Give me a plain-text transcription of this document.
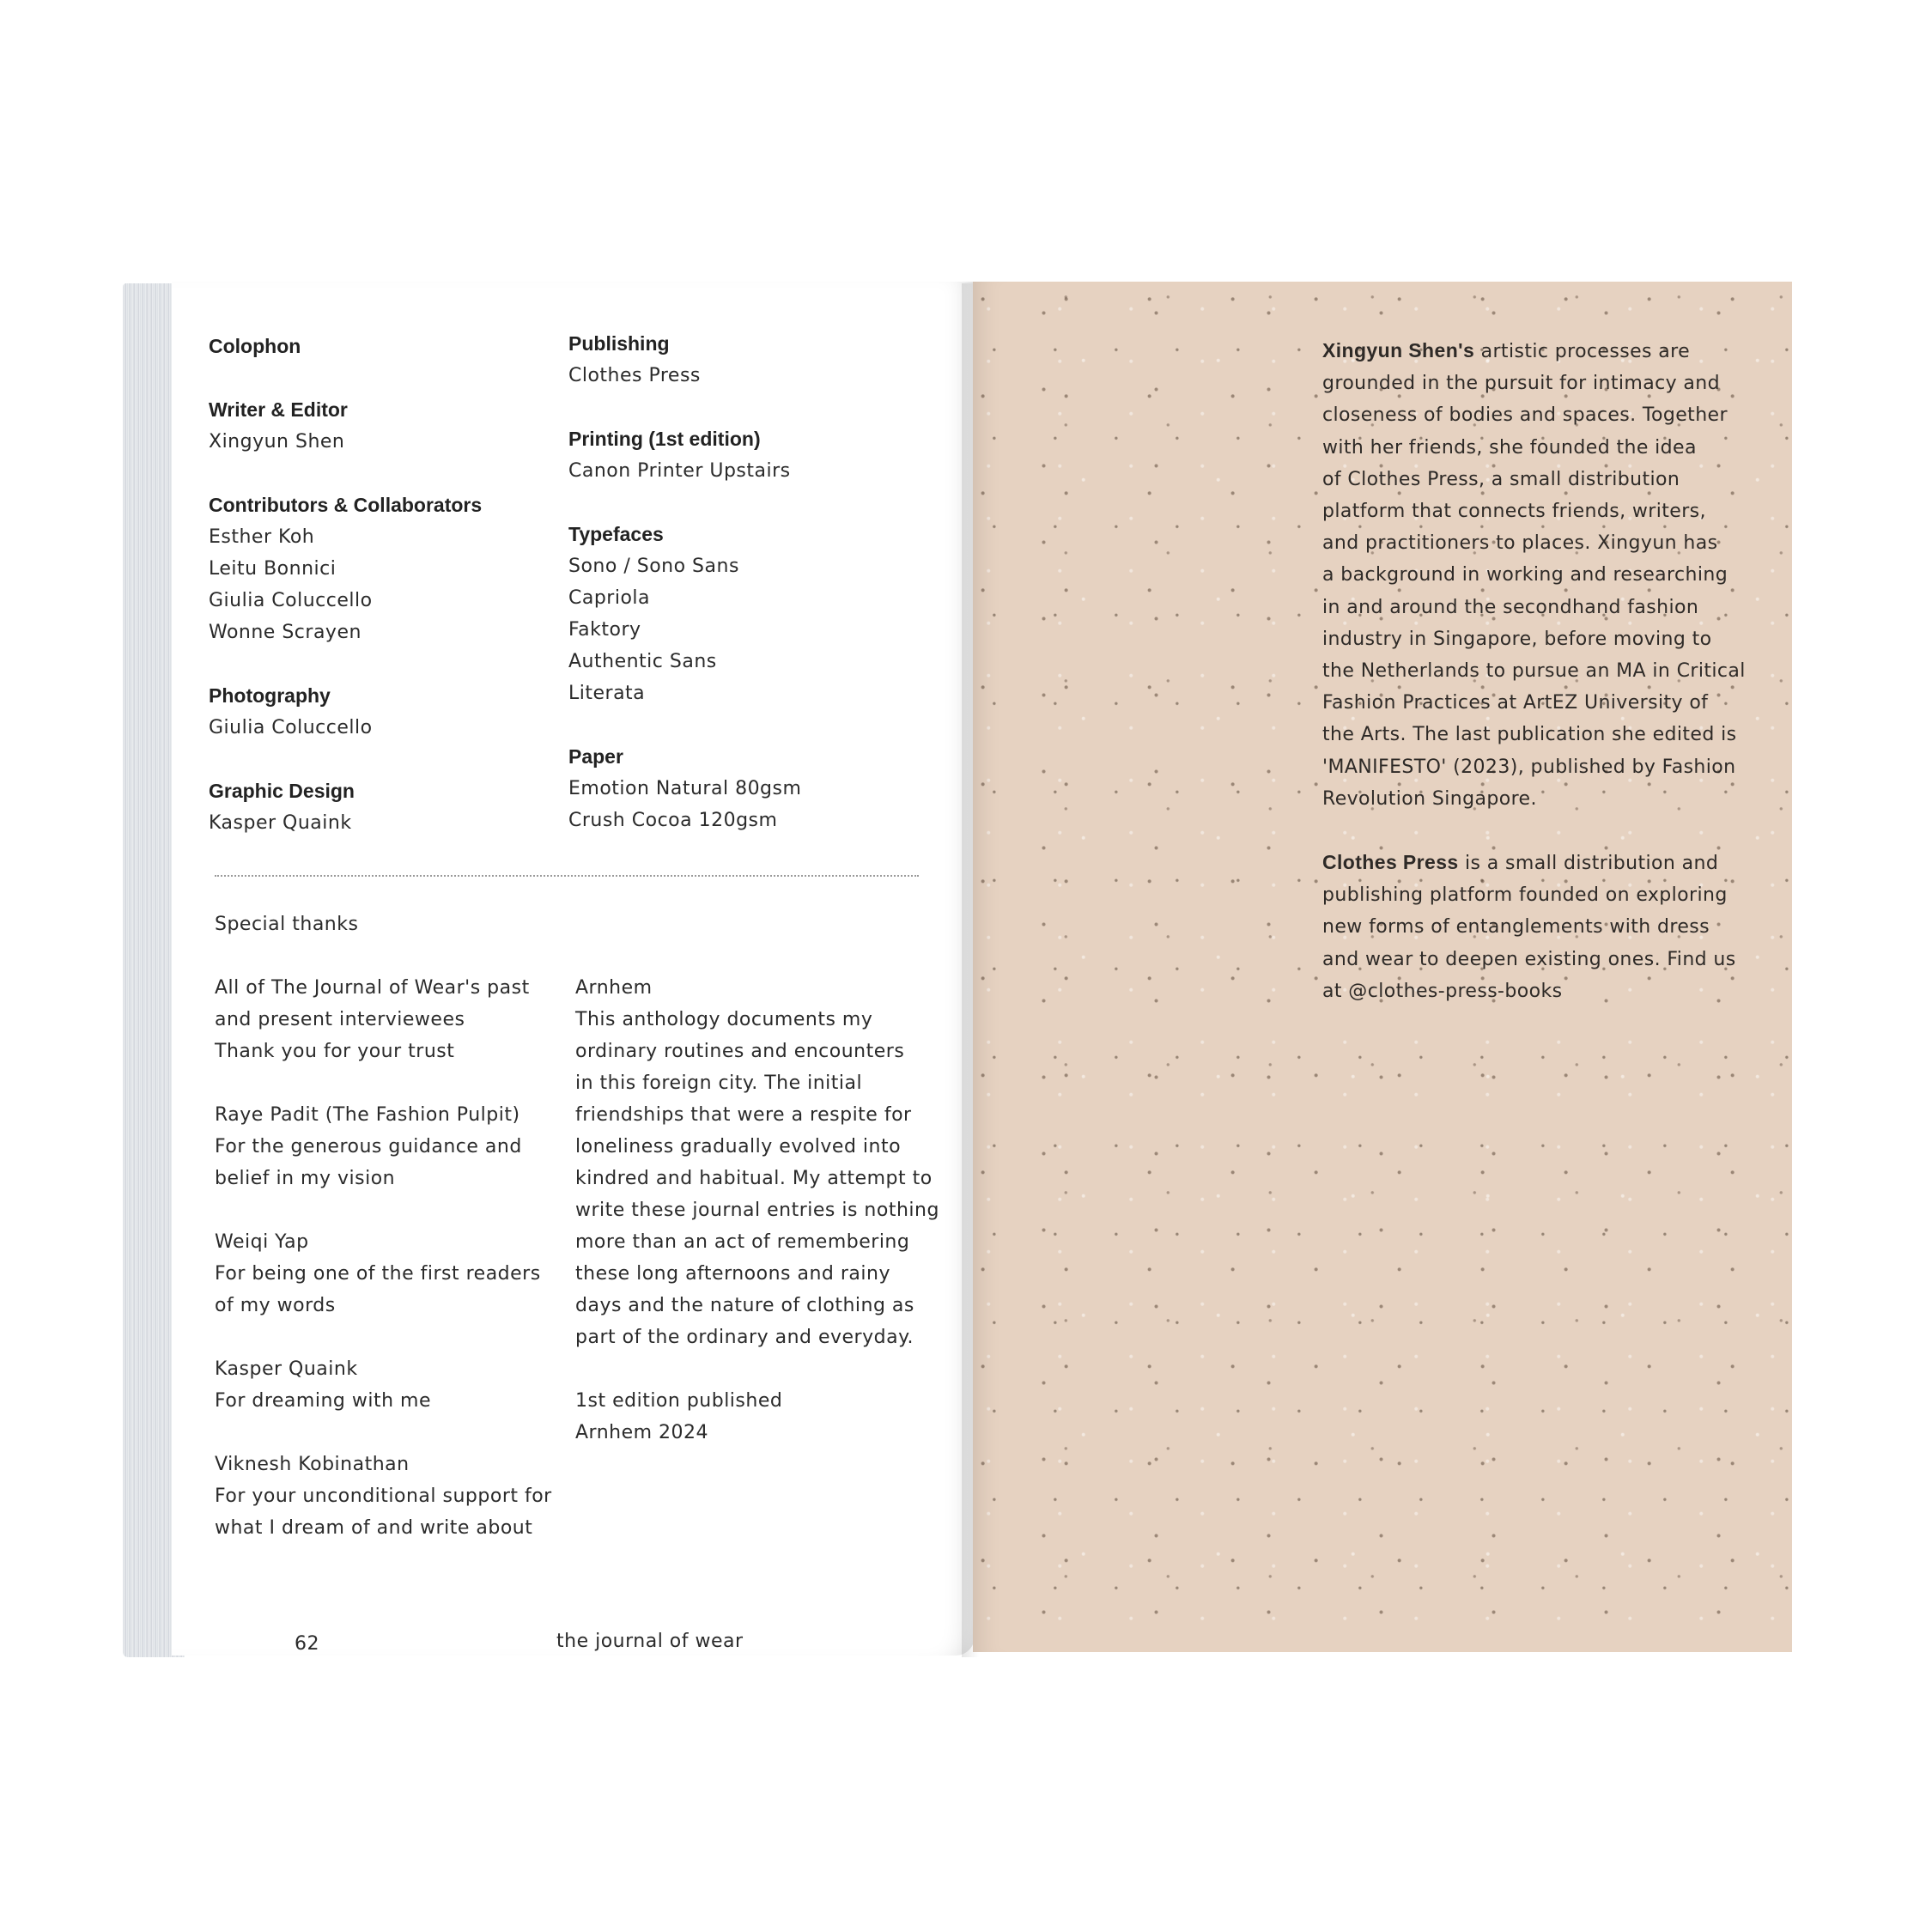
Colophon
Writer & Editor
Xingyun Shen
Contributors & Collaborators
Esther Koh
Leitu Bonnici
Giulia Coluccello
Wonne Scrayen
Photography
Giulia Coluccello
Graphic Design
Kasper Quaink
Publishing
Clothes Press
Printing (1st edition)
Canon Printer Upstairs
Typefaces
Sono / Sono Sans
Capriola
Faktory
Authentic Sans
Literata
Paper
Emotion Natural 80gsm
Crush Cocoa 120gsm
Special thanks
All of The Journal of Wear's past
and present interviewees
Thank you for your trust
Raye Padit (The Fashion Pulpit)
For the generous guidance and
belief in my vision
Weiqi Yap
For being one of the first readers
of my words
Kasper Quaink
For dreaming with me
Viknesh Kobinathan
For your unconditional support for
what I dream of and write about
Arnhem
This anthology documents my
ordinary routines and encounters
in this foreign city. The initial
friendships that were a respite for
loneliness gradually evolved into
kindred and habitual. My attempt to
write these journal entries is nothing
more than an act of remembering
these long afternoons and rainy
days and the nature of clothing as
part of the ordinary and everyday.
1st edition published
Arnhem 2024
62	the journal of wear
Xingyun Shen's artistic processes are
grounded in the pursuit for intimacy and
closeness of bodies and spaces. Together
with her friends, she founded the idea
of Clothes Press, a small distribution
platform that connects friends, writers,
and practitioners to places. Xingyun has
a background in working and researching
in and around the secondhand fashion
industry in Singapore, before moving to
the Netherlands to pursue an MA in Critical
Fashion Practices at ArtEZ University of
the Arts. The last publication she edited is
'MANIFESTO' (2023), published by Fashion
Revolution Singapore.
Clothes Press is a small distribution and
publishing platform founded on exploring
new forms of entanglements with dress
and wear to deepen existing ones. Find us
at @clothes-press-books
